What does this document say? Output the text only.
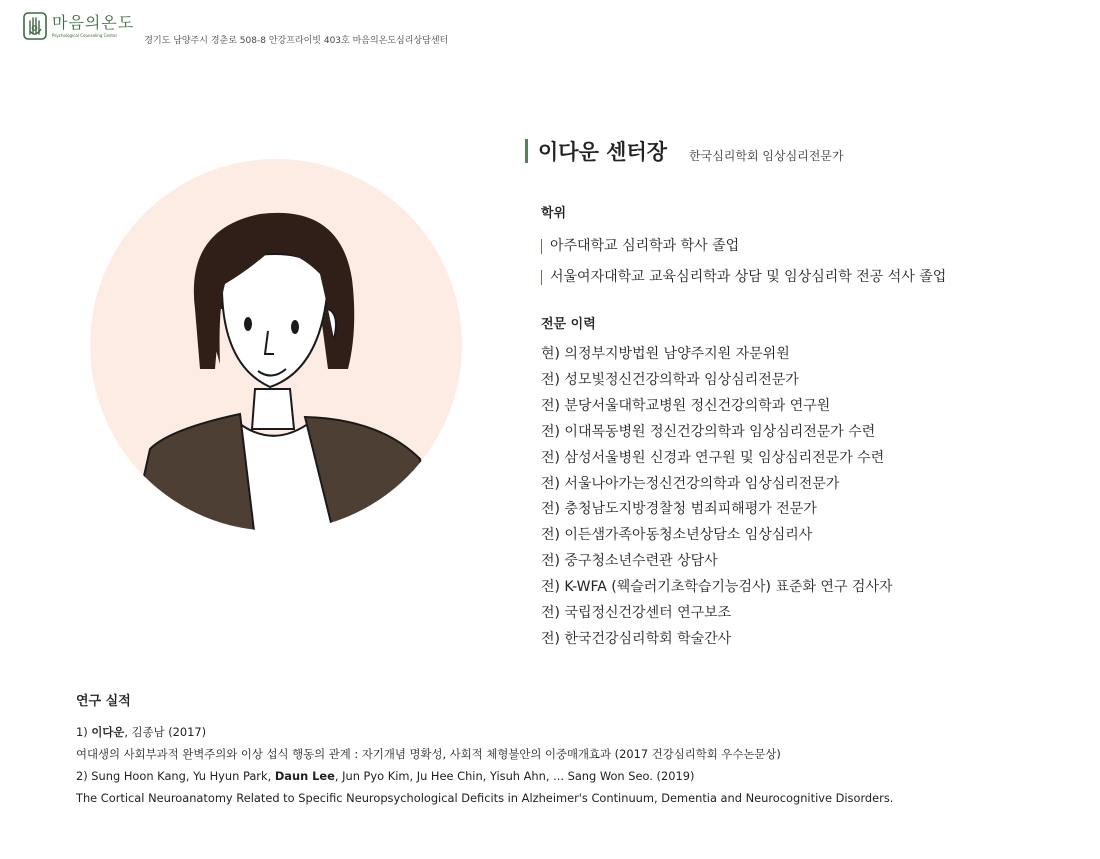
마음의온도
Psychological Counseling Center
경기도 남양주시 경춘로 508-8 안강프라이빗 403호 마음의온도심리상담센터
이다운 센터장 한국심리학회 임상심리전문가
학위
아주대학교 심리학과 학사 졸업
서울여자대학교 교육심리학과 상담 및 임상심리학 전공 석사 졸업
전문 이력
현) 의정부지방법원 남양주지원 자문위원
전) 성모빛정신건강의학과 임상심리전문가
전) 분당서울대학교병원 정신건강의학과 연구원
전) 이대목동병원 정신건강의학과 임상심리전문가 수련
전) 삼성서울병원 신경과 연구원 및 임상심리전문가 수련
전) 서울나아가는정신건강의학과 임상심리전문가
전) 충청남도지방경찰청 범죄피해평가 전문가
전) 이든샘가족아동청소년상담소 임상심리사
전) 중구청소년수련관 상담사
전) K-WFA (웩슬러기초학습기능검사) 표준화 연구 검사자
전) 국립정신건강센터 연구보조
전) 한국건강심리학회 학술간사
연구 실적
1) 이다운, 김종남 (2017)
여대생의 사회부과적 완벽주의와 이상 섭식 행동의 관계 : 자기개념 명확성, 사회적 체형불안의 이중매개효과 (2017 건강심리학회 우수논문상)
2) Sung Hoon Kang, Yu Hyun Park, Daun Lee, Jun Pyo Kim, Ju Hee Chin, Yisuh Ahn, ... Sang Won Seo. (2019)
The Cortical Neuroanatomy Related to Specific Neuropsychological Deficits in Alzheimer's Continuum, Dementia and Neurocognitive Disorders.
